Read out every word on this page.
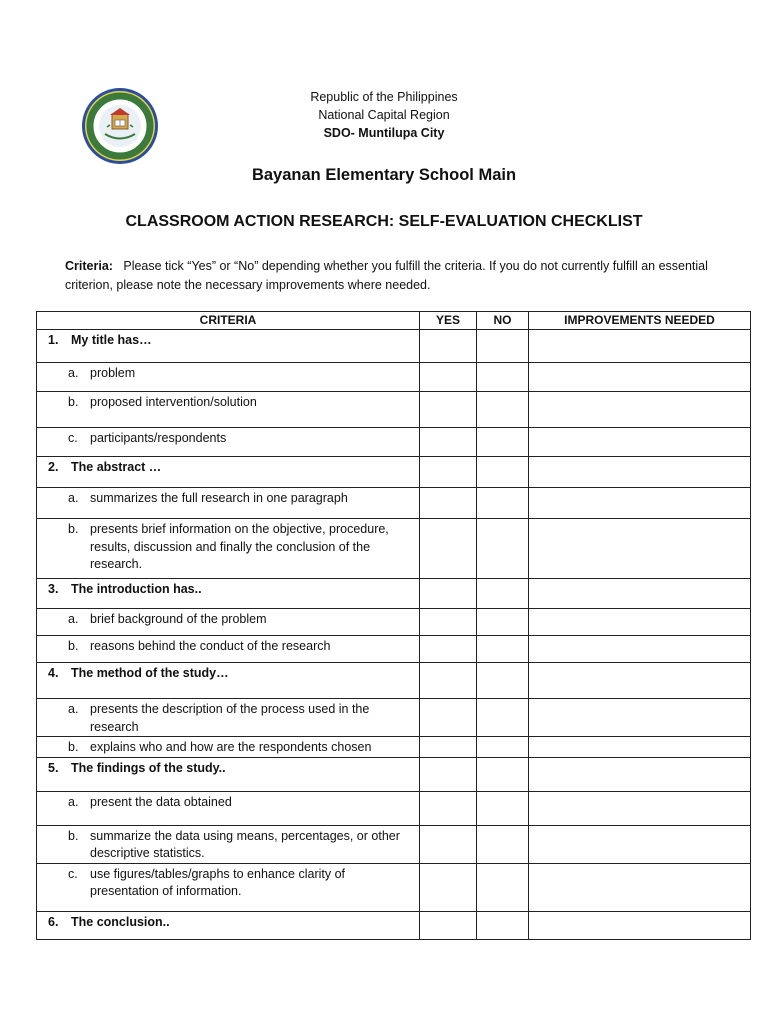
Republic of the Philippines
National Capital Region
SDO- Muntilupa City
Bayanan Elementary School Main
CLASSROOM ACTION RESEARCH: SELF-EVALUATION CHECKLIST
Criteria: Please tick “Yes” or “No” depending whether you fulfill the criteria. If you do not currently fulfill an essential criterion, please note the necessary improvements where needed.
CRITERIA	YES	NO	IMPROVEMENTS NEEDED

1. My title has…			

a. problem			

b. proposed intervention/solution			

c. participants/respondents			

2. The abstract …			

a. summarizes the full research in one paragraph			

b. presents brief information on the objective, procedure, results, discussion and finally the conclusion of the research.			

3. The introduction has..			

a. brief background of the problem			

b. reasons behind the conduct of the research			

4. The method of the study…			

a. presents the description of the process used in the research			

b. explains who and how are the respondents chosen			

5. The findings of the study..			

a. present the data obtained			

b. summarize the data using means, percentages, or other descriptive statistics.			

c. use figures/tables/graphs to enhance clarity of presentation of information.			

6. The conclusion..			
